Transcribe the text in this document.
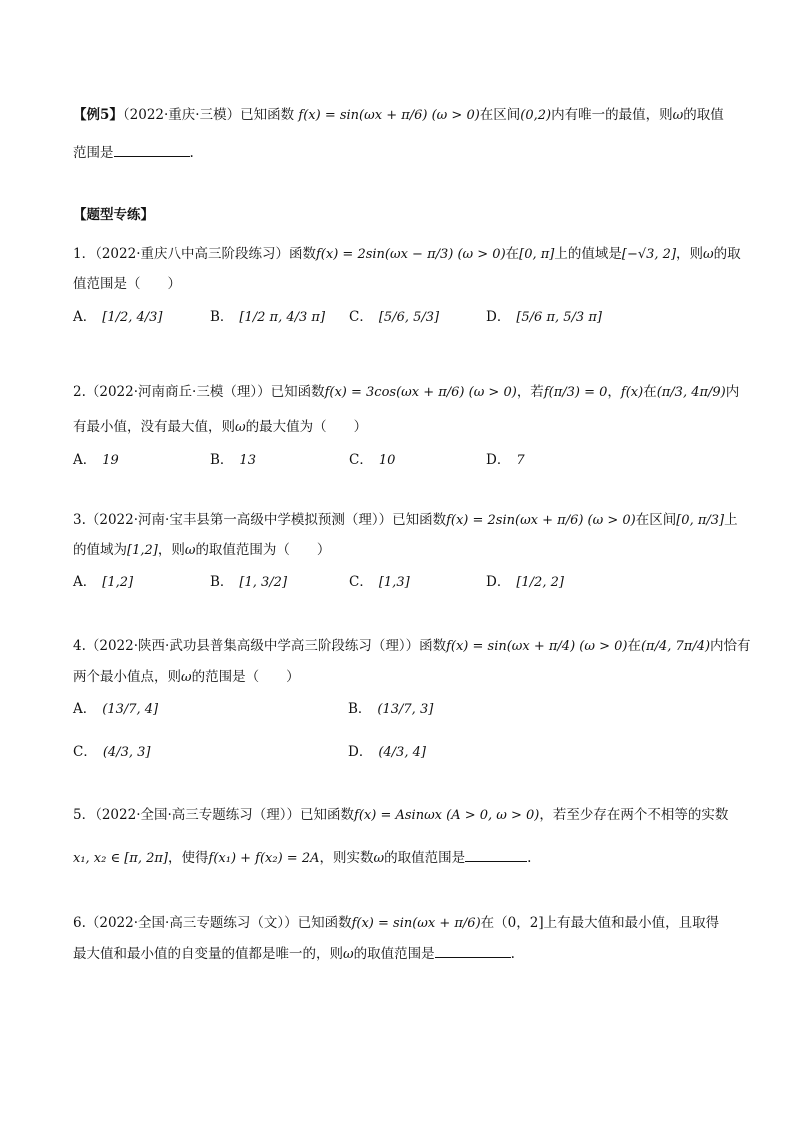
【例5】（2022·重庆·三模）已知函数 f(x) = sin(ωx + π/6) (ω > 0)在区间(0,2)内有唯一的最值，则ω的取值
范围是	.
【题型专练】
1．（2022·重庆八中高三阶段练习）函数f(x) = 2sin(ωx − π/3) (ω > 0)在[0, π]上的值域是[−√3, 2]，则ω的取
值范围是（　　）
A． [1/2, 4/3]	B． [1/2 π, 4/3 π] C． [5/6, 5/3]	D． [5/6 π, 5/3 π]
2.（2022·河南商丘·三模（理））已知函数f(x) = 3cos(ωx + π/6) (ω > 0)，若f(π/3) = 0，f(x)在(π/3, 4π/9)内
有最小值，没有最大值，则ω的最大值为（　　）
A． 19	B． 13	C． 10	D． 7
3.（2022·河南·宝丰县第一高级中学模拟预测（理））已知函数f(x) = 2sin(ωx + π/6) (ω > 0)在区间[0, π/3]上
的值域为[1,2]，则ω的取值范围为（　　）
A． [1,2]	B． [1, 3/2]	C． [1,3]	D． [1/2, 2]
4.（2022·陕西·武功县普集高级中学高三阶段练习（理））函数f(x) = sin(ωx + π/4) (ω > 0)在(π/4, 7π/4)内恰有
两个最小值点，则ω的范围是（　　）
A． (13/7, 4]	B． (13/7, 3]
C． (4/3, 3]	D． (4/3, 4]
5．（2022·全国·高三专题练习（理））已知函数f(x) = Asinωx (A > 0, ω > 0)，若至少存在两个不相等的实数
x₁, x₂ ∈ [π, 2π]，使得f(x₁) + f(x₂) = 2A，则实数ω的取值范围是	.
6.（2022·全国·高三专题练习（文））已知函数f(x) = sin(ωx + π/6)在（0，2]上有最大值和最小值，且取得
最大值和最小值的自变量的值都是唯一的，则ω的取值范围是	.
